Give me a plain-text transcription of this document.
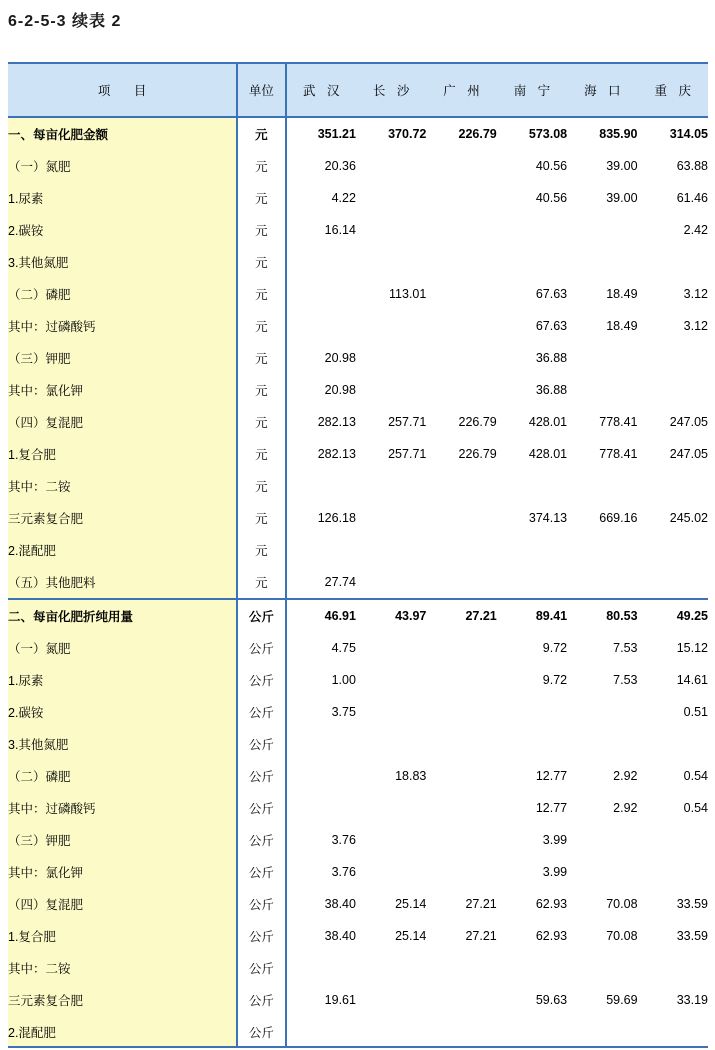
6-2-5-3 续表 2
项 目	单位	武 汉	长 沙	广 州	南 宁	海 口	重 庆
一、每亩化肥金额	元	351.21	370.72	226.79	573.08	835.90	314.05
（一）氮肥	元	20.36			40.56	39.00	63.88
1.尿素	元	4.22			40.56	39.00	61.46
2.碳铵	元	16.14					2.42
3.其他氮肥	元						
（二）磷肥	元		113.01		67.63	18.49	3.12
其中：过磷酸钙	元				67.63	18.49	3.12
（三）钾肥	元	20.98			36.88		
其中：氯化钾	元	20.98			36.88		
（四）复混肥	元	282.13	257.71	226.79	428.01	778.41	247.05
1.复合肥	元	282.13	257.71	226.79	428.01	778.41	247.05
其中：二铵	元						
三元素复合肥	元	126.18			374.13	669.16	245.02
2.混配肥	元						
（五）其他肥料	元	27.74					
二、每亩化肥折纯用量	公斤	46.91	43.97	27.21	89.41	80.53	49.25
（一）氮肥	公斤	4.75			9.72	7.53	15.12
1.尿素	公斤	1.00			9.72	7.53	14.61
2.碳铵	公斤	3.75					0.51
3.其他氮肥	公斤						
（二）磷肥	公斤		18.83		12.77	2.92	0.54
其中：过磷酸钙	公斤				12.77	2.92	0.54
（三）钾肥	公斤	3.76			3.99		
其中：氯化钾	公斤	3.76			3.99		
（四）复混肥	公斤	38.40	25.14	27.21	62.93	70.08	33.59
1.复合肥	公斤	38.40	25.14	27.21	62.93	70.08	33.59
其中：二铵	公斤						
三元素复合肥	公斤	19.61			59.63	59.69	33.19
2.混配肥	公斤						
